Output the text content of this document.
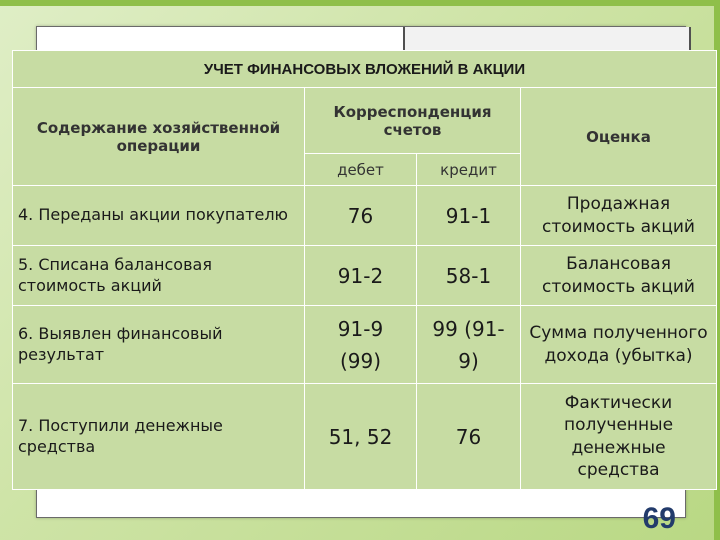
УЧЕТ ФИНАНСОВЫХ ВЛОЖЕНИЙ В АКЦИИ			
Содержание хозяйственной операции	Корреспонденция счетов		Оценка
	дебет	кредит	
4. Переданы акции покупателю	76	91-1	Продажная стоимость акций
5. Списана балансовая стоимость акций	91-2	58-1	Балансовая стоимость акций
6. Выявлен финансовый результат	91-9 (99)	99 (91-9)	Сумма полученного дохода (убытка)
7. Поступили денежные средства	51, 52	76	Фактически полученные денежные средства
69
